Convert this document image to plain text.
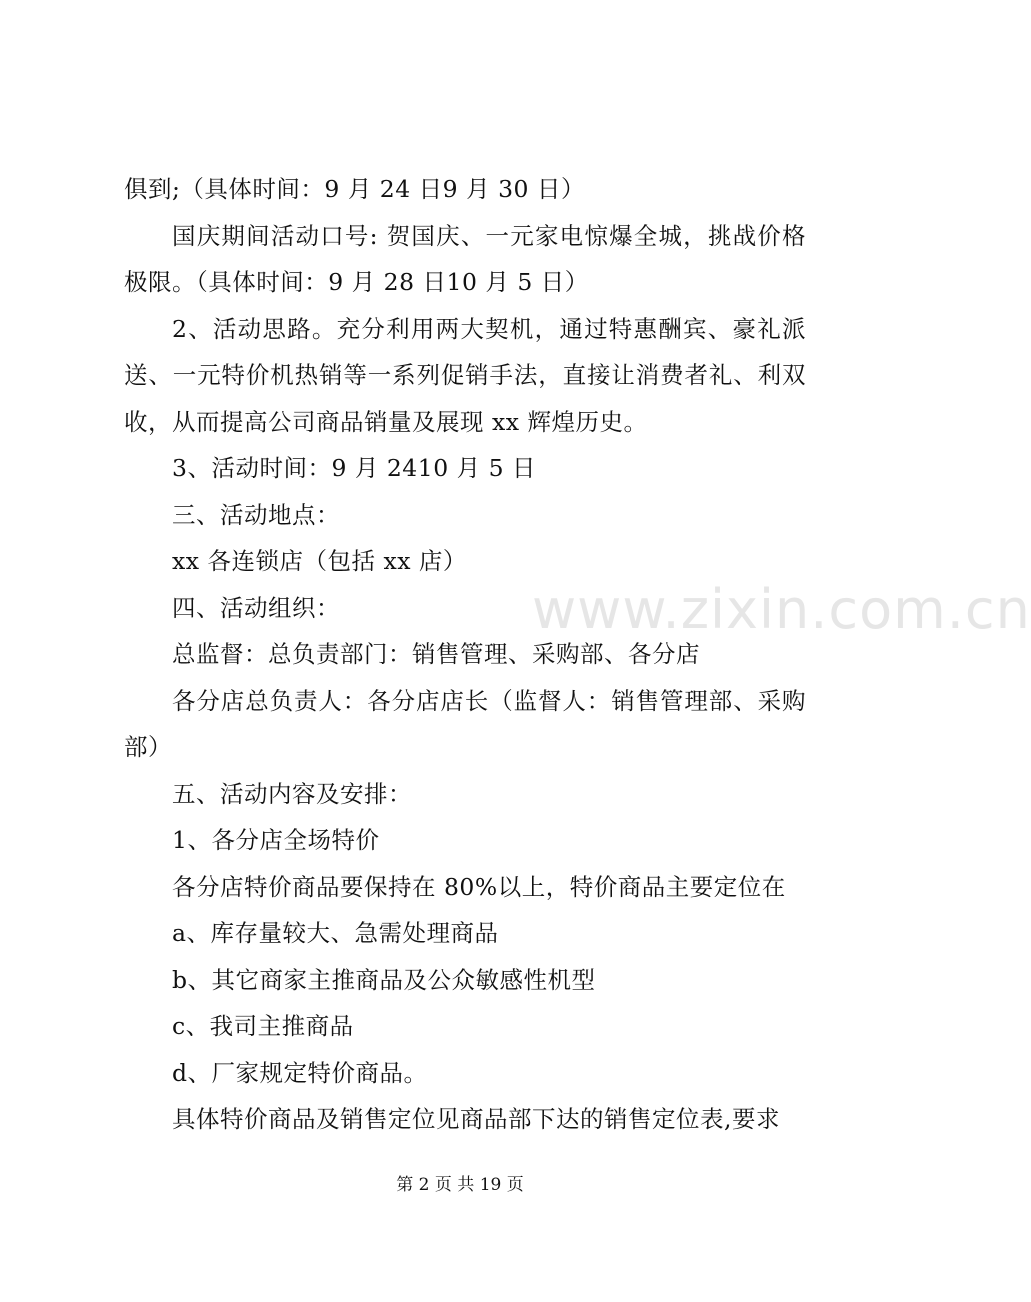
www.zixin.com.cn

俱到;（具体时间：9 月 24 日9 月 30 日）

国庆期间活动口号: 贺国庆、一元家电惊爆全城，挑战价格极限。（具体时间：9 月 28 日10 月 5 日）

2、活动思路。充分利用两大契机，通过特惠酬宾、豪礼派送、一元特价机热销等一系列促销手法，直接让消费者礼、利双收，从而提高公司商品销量及展现 xx 辉煌历史。

3、活动时间：9 月 2410 月 5 日

三、活动地点：

xx 各连锁店（包括 xx 店）

四、活动组织：

总监督：总负责部门：销售管理、采购部、各分店

各分店总负责人：各分店店长（监督人：销售管理部、采购部）

五、活动内容及安排：

1、各分店全场特价

各分店特价商品要保持在 80%以上，特价商品主要定位在

a、库存量较大、急需处理商品

b、其它商家主推商品及公众敏感性机型

c、我司主推商品

d、厂家规定特价商品。

具体特价商品及销售定位见商品部下达的销售定位表,要求

第 2 页 共 19 页
